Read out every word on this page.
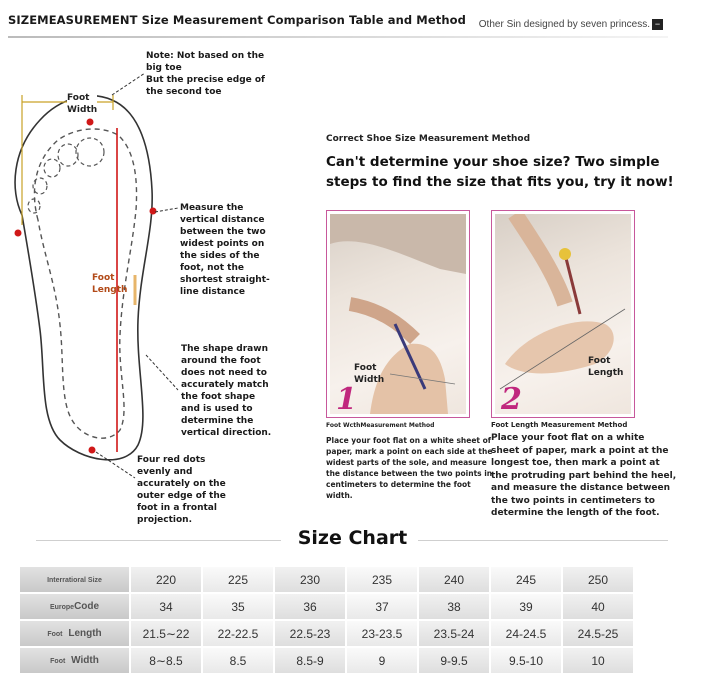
SIZEMEASUREMENT Size Measurement Comparison Table and Method Other Sin designed by seven princess. −
Foot
Width
Foot
Length
Note: Not based on the
big toe
But the precise edge of
the second toe
Measure the
vertical distance
between the two
widest points on
the sides of the
foot, not the
shortest straight-
line distance
The shape drawn
around the foot
does not need to
accurately match
the foot shape
and is used to
determine the
vertical direction.
Four red dots
evenly and
accurately on the
outer edge of the
foot in a frontal
projection.
Correct Shoe Size Measurement Method
Can't determine your shoe size? Two simple
steps to find the size that fits you, try it now!
Foot
Width
1
Foot
Length
2
Foot WcthMeasurement Method
Place your foot flat on a white sheet of
paper, mark a point on each side at the
widest parts of the sole, and measure
the distance between the two points in
centimeters to determine the foot
width.
Foot Length Measurement Method
Place your foot flat on a white
sheet of paper, mark a point at the
longest toe, then mark a point at
the protruding part behind the heel,
and measure the distance between
the two points in centimeters to
determine the length of the foot.
Size Chart
Interratioral Size	220	225	230	235	240	245	250
EuropeCode	34	35	36	37	38	39	40
Foot Length	21.5∼22	22-22.5	22.5-23	23-23.5	23.5-24	24-24.5	24.5-25
Foot Width	8∼8.5	8.5	8.5-9	9	9-9.5	9.5-10	10
